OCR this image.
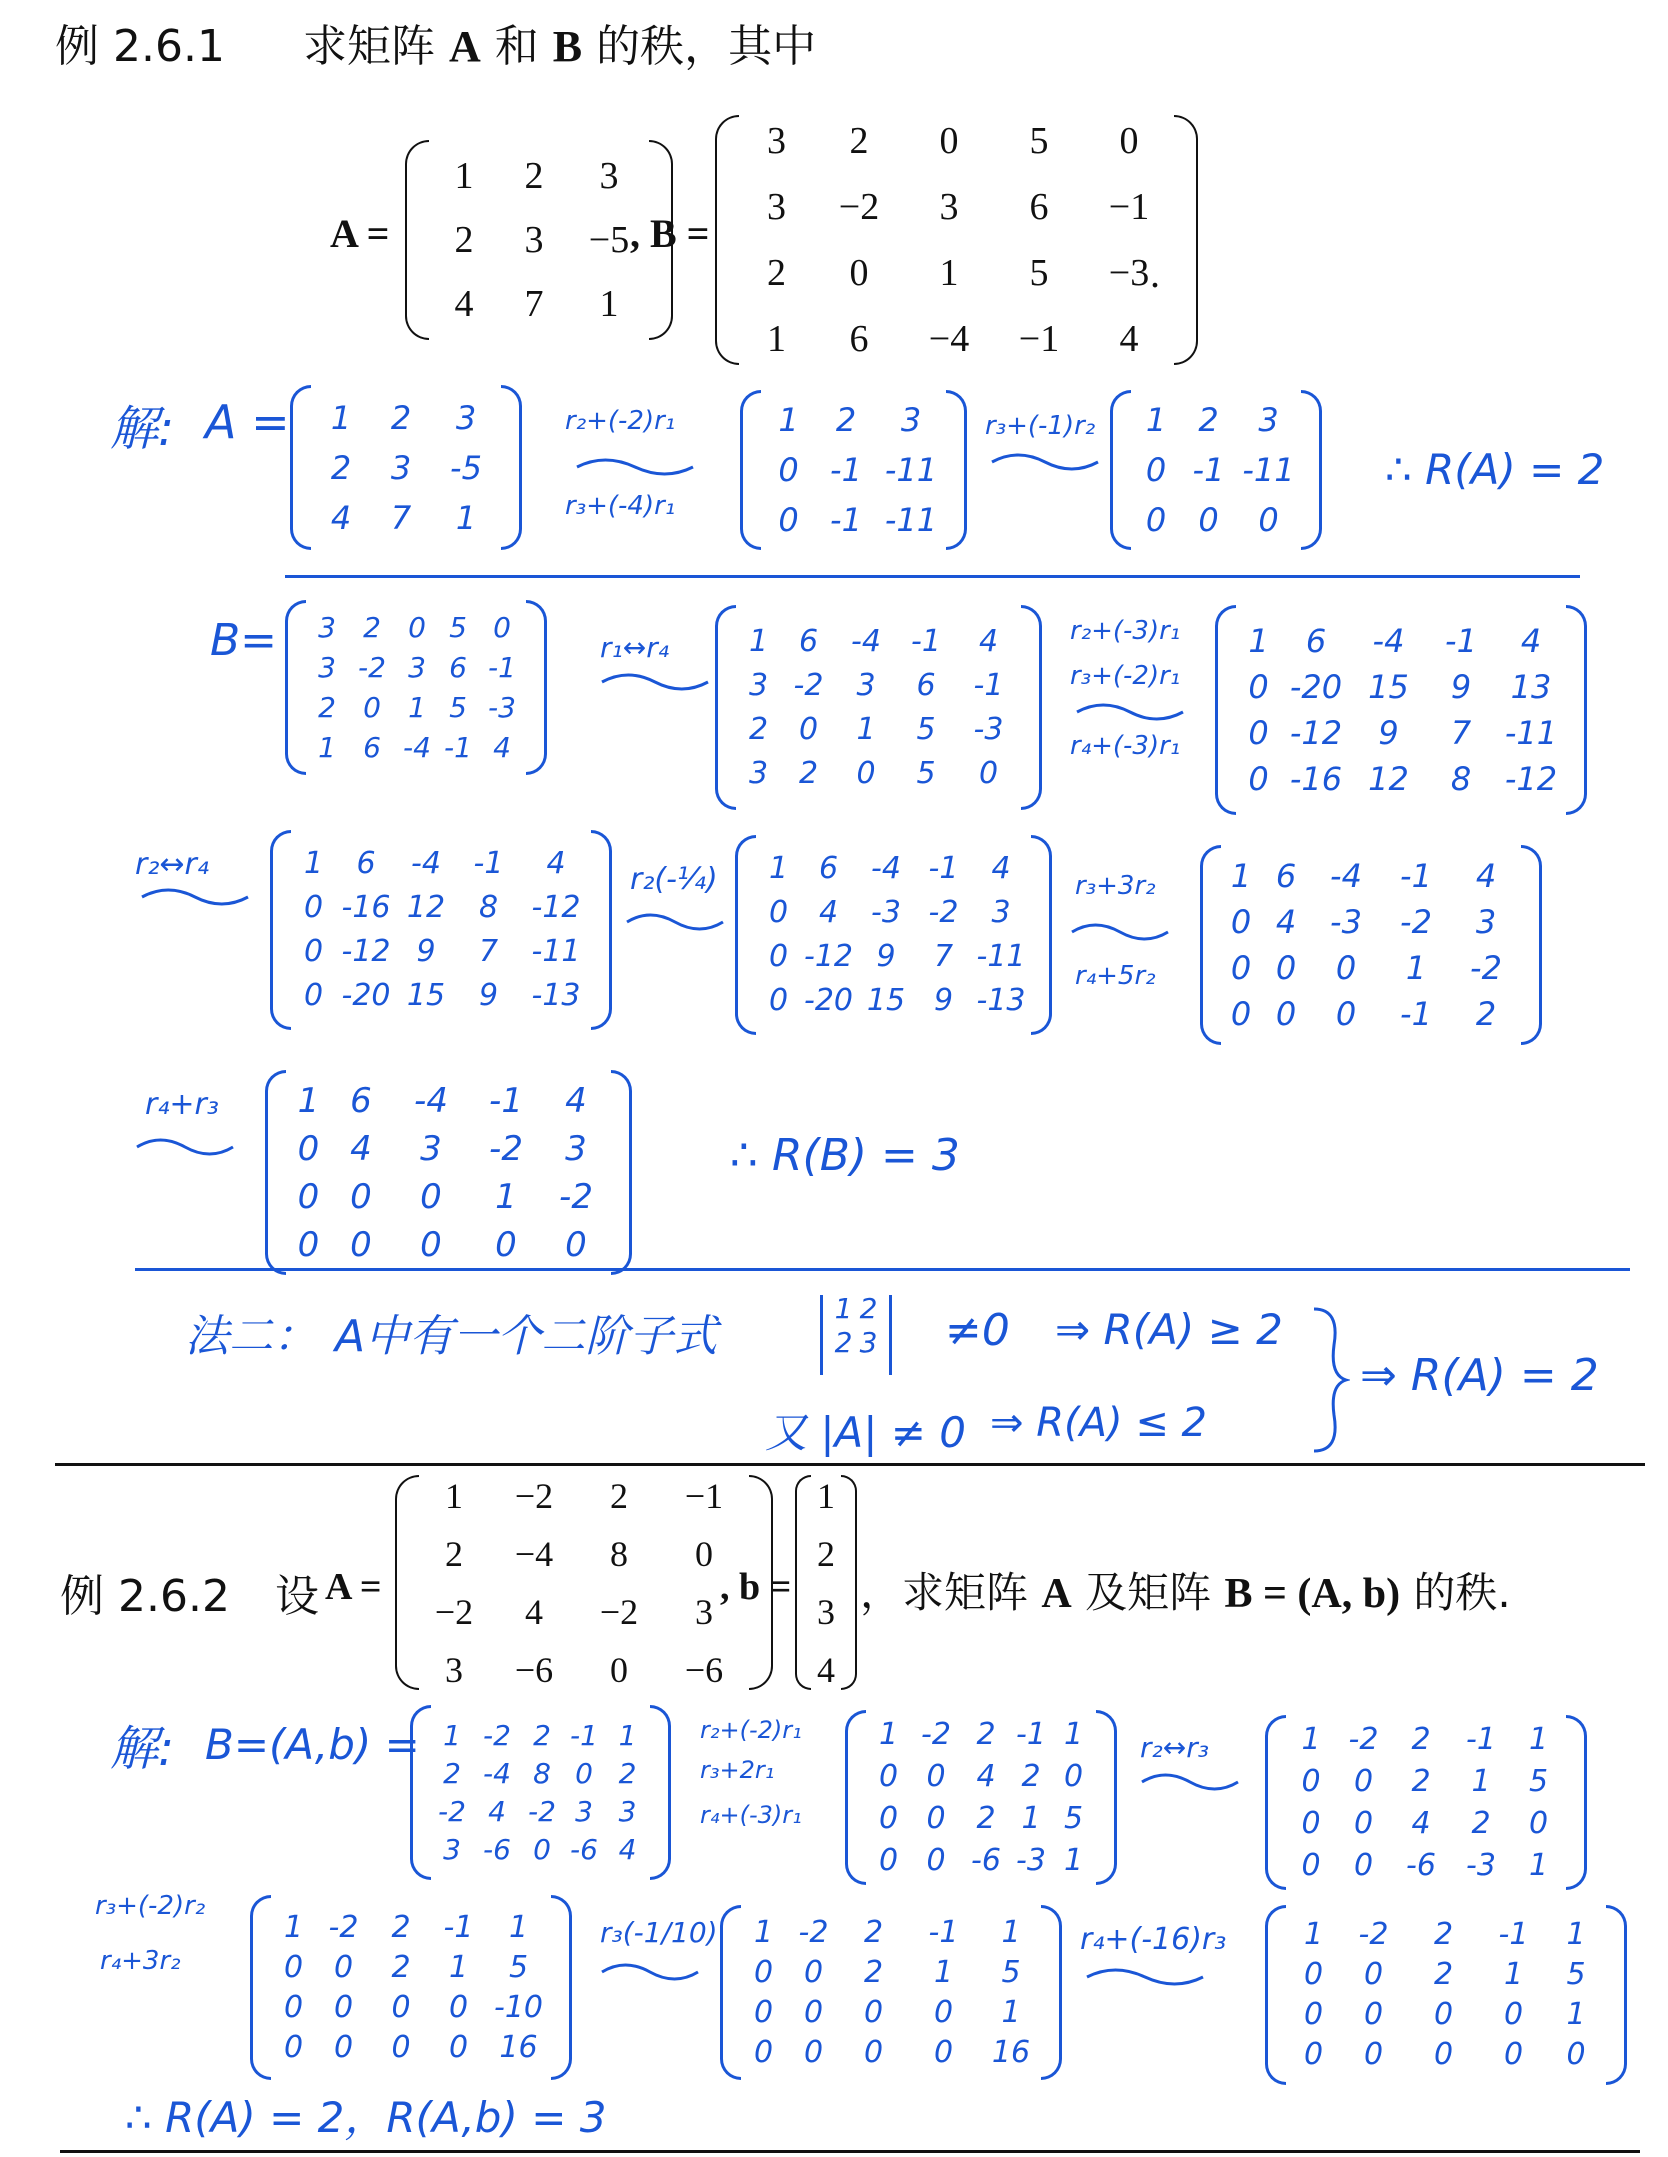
例 2.6.1 求矩阵 A 和 B 的秩，其中
A =
1	2	3
2	3	−5
4	7	1
, B =
3	2	0	5	0
3	−2	3	6	−1
2	0	1	5	−3
1	6	−4	−1	4
.
解: A =	1	2	3
2	3	-5
4	7	1
r₂+(-2)r₁
r₃+(-4)r₁
1	2	3
0 -1 -11
0 -1 -11
r₃+(-1)r₂	1	2	3
0 -1 -11
0	0	0
∴ R(A) = 2
B=	3 2 0 5 0
3 -2 3 6 -1
2 0 1 5 -3
1 6 -4 -1 4
r₁↔r₄	1	6	-4	-1	4
3 -2	3	6	-1
2	0	1	5	-3
3	2	0	5	0
r₂+(-3)r₁
r₃+(-2)r₁
r₄+(-3)r₁
1	6	-4	-1	4
0 -20 15	9	13
0 -12	9	7	-11
0 -16 12	8	-12
r₂↔r₄	1	6	-4	-1	4
0 -16 12	8	-12
0 -12 9	7	-11
0 -20 15	9	-13
r₂(-¼)	1	6	-4 -1	4
0	4	-3 -2	3
0 -12 9	7 -11
0 -20 15 9 -13
r₃+3r₂
r₄+5r₂
1 6	-4	-1	4
0 4	-3	-2	3
0 0	0	1	-2
0 0	0	-1	2
r₄+r₃	1 6	-4	-1	4
0 4	3	-2	3
0 0	0	1	-2
0 0	0	0	0
∴ R(B) = 3
法二： A中有一个二阶子式
1 2
2 3 ≠0 ⇒ R(A) ≥ 2
又 |A| ≠ 0 ⇒ R(A) ≤ 2
⇒ R(A) = 2
例 2.6.2 设 A =
1	−2	2	−1
2	−4	8	0
−2	4	−2	3
3	−6	0	−6
, b =
1
2
3
4
，求矩阵 A 及矩阵 B = (A, b) 的秩.
解: B=(A,b) = 1 -2 2 -1 1
2 -4 8 0 2
-2 4 -2 3 3
3 -6 0 -6 4
r₂+(-2)r₁
r₃+2r₁
r₄+(-3)r₁
1 -2 2 -1 1
0 0	4 2 0
0 0	2 1 5
0 0 -6 -3 1
r₂↔r₃	1 -2	2	-1	1
0	0	2	1	5
0	0	4	2	0
0	0	-6	-3	1
r₃+(-2)r₂
r₄+3r₂
1 -2	2	-1	1
0	0	2	1	5
0	0	0	0 -10
0	0	0	0	16
r₃(-1/10)	1 -2	2	-1	1
0	0	2	1	5
0	0	0	0	1
0	0	0	0	16
r₄+(-16)r₃	1	-2	2	-1	1
0	0	2	1	5
0	0	0	0	1
0	0	0	0	0
∴ R(A) = 2，R(A,b) = 3
